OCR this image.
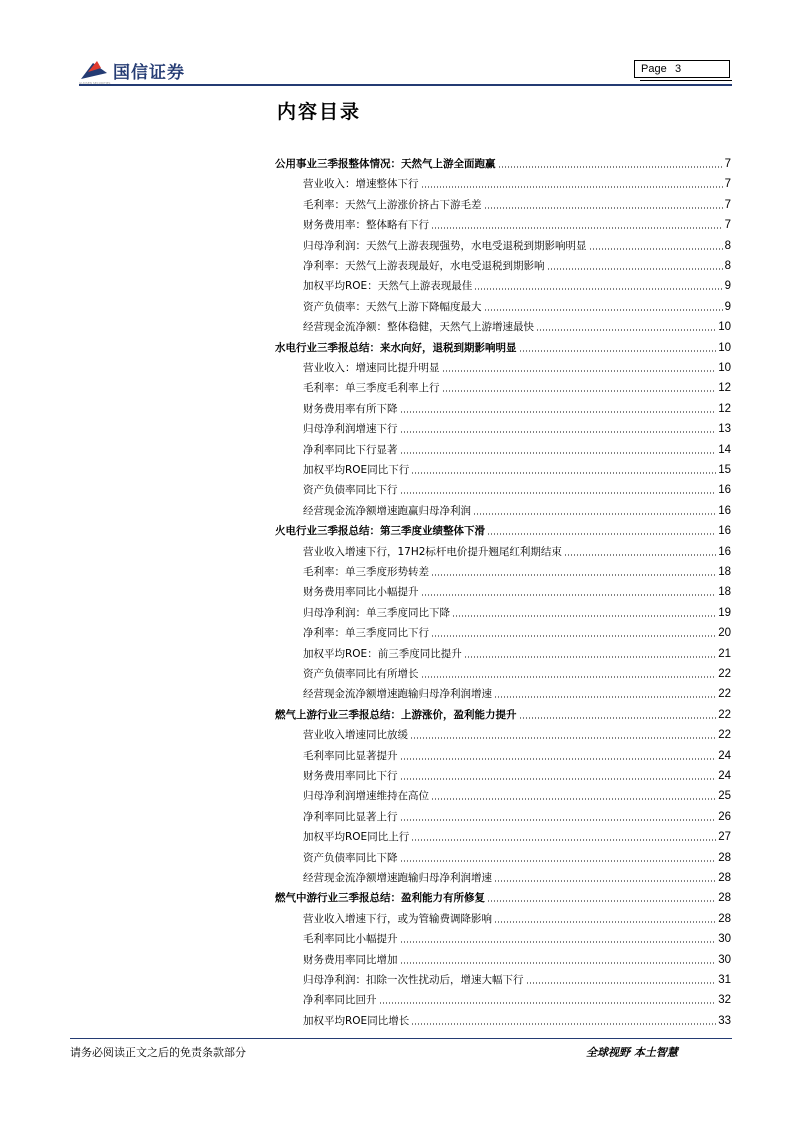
国信证券
GUOSEN SECURITIES
Page 3
内容目录
公用事业三季报整体情况：天然气上游全面跑赢	7
营业收入：增速整体下行	7
毛利率：天然气上游涨价挤占下游毛差	7
财务费用率：整体略有下行	7
归母净利润：天然气上游表现强势，水电受退税到期影响明显	8
净利率：天然气上游表现最好，水电受退税到期影响	8
加权平均ROE：天然气上游表现最佳	9
资产负债率：天然气上游下降幅度最大	9
经营现金流净额：整体稳健，天然气上游增速最快	10
水电行业三季报总结：来水向好，退税到期影响明显	10
营业收入：增速同比提升明显	10
毛利率：单三季度毛利率上行	12
财务费用率有所下降	12
归母净利润增速下行	13
净利率同比下行显著	14
加权平均ROE同比下行	15
资产负债率同比下行	16
经营现金流净额增速跑赢归母净利润	16
火电行业三季报总结：第三季度业绩整体下滑	16
营业收入增速下行，17H2标杆电价提升翘尾红利期结束	16
毛利率：单三季度形势转差	18
财务费用率同比小幅提升	18
归母净利润：单三季度同比下降	19
净利率：单三季度同比下行	20
加权平均ROE：前三季度同比提升	21
资产负债率同比有所增长	22
经营现金流净额增速跑输归母净利润增速	22
燃气上游行业三季报总结：上游涨价，盈利能力提升	22
营业收入增速同比放缓	22
毛利率同比显著提升	24
财务费用率同比下行	24
归母净利润增速维持在高位	25
净利率同比显著上行	26
加权平均ROE同比上行	27
资产负债率同比下降	28
经营现金流净额增速跑输归母净利润增速	28
燃气中游行业三季报总结：盈利能力有所修复	28
营业收入增速下行，或为管输费调降影响	28
毛利率同比小幅提升	30
财务费用率同比增加	30
归母净利润：扣除一次性扰动后，增速大幅下行	31
净利率同比回升	32
加权平均ROE同比增长	33
请务必阅读正文之后的免责条款部分	全球视野 本土智慧
